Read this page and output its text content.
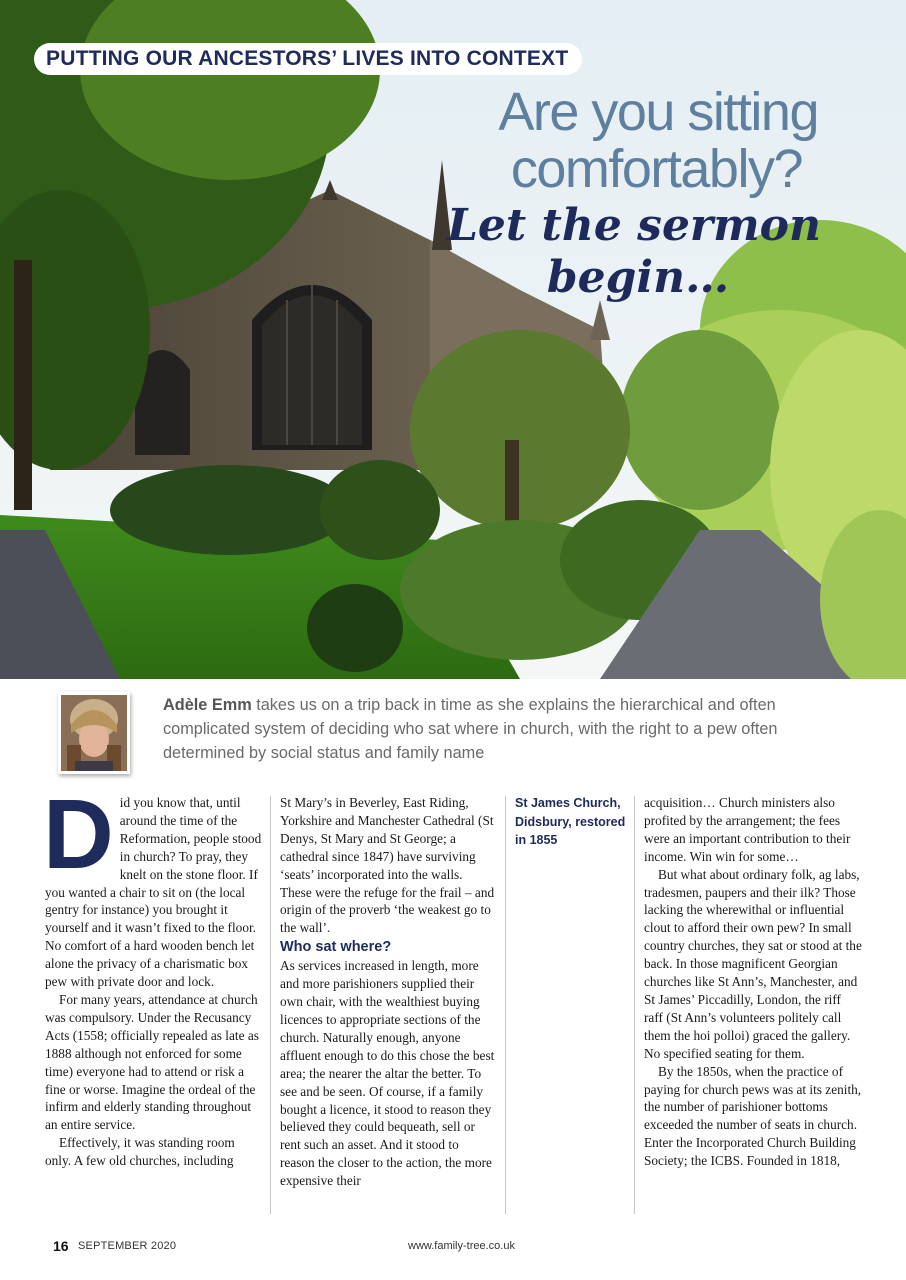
PUTTING OUR ANCESTORS’ LIVES INTO CONTEXT
Are you sitting
comfortably?
Let the sermon
begin…
Adèle Emm takes us on a trip back in time as she explains the hierarchical and often complicated system of deciding who sat where in church, with the right to a pew often determined by social status and family name
D id you know that, until around the time of the Reformation, people stood in church? To pray, they knelt on the stone floor. If you wanted a chair to sit on (the local gentry for instance) you brought it yourself and it wasn’t fixed to the floor. No comfort of a hard wooden bench let alone the privacy of a charismatic box pew with private door and lock.

For many years, attendance at church was compulsory. Under the Recusancy Acts (1558; officially repealed as late as 1888 although not enforced for some time) everyone had to attend or risk a fine or worse. Imagine the ordeal of the infirm and elderly standing throughout an entire service.

Effectively, it was standing room only. A few old churches, including

St Mary’s in Beverley, East Riding, Yorkshire and Manchester Cathedral (St Denys, St Mary and St George; a cathedral since 1847) have surviving ‘seats’ incorporated into the walls. These were the refuge for the frail – and origin of the proverb ‘the weakest go to the wall’.

Who sat where?

As services increased in length, more and more parishioners supplied their own chair, with the wealthiest buying licences to appropriate sections of the church. Naturally enough, anyone affluent enough to do this chose the best area; the nearer the altar the better. To see and be seen. Of course, if a family bought a licence, it stood to reason they believed they could bequeath, sell or rent such an asset. And it stood to reason the closer to the action, the more expensive their

St James Church, Didsbury, restored in 1855

acquisition… Church ministers also profited by the arrangement; the fees were an important contribution to their income. Win win for some…

But what about ordinary folk, ag labs, tradesmen, paupers and their ilk? Those lacking the wherewithal or influential clout to afford their own pew? In small country churches, they sat or stood at the back. In those magnificent Georgian churches like St Ann’s, Manchester, and St James’ Piccadilly, London, the riff raff (St Ann’s volunteers politely call them the hoi polloi) graced the gallery. No specified seating for them.

By the 1850s, when the practice of paying for church pews was at its zenith, the number of parishioner bottoms exceeded the number of seats in church. Enter the Incorporated Church Building Society; the ICBS. Founded in 1818,

16 SEPTEMBER 2020	www.family-tree.co.uk
